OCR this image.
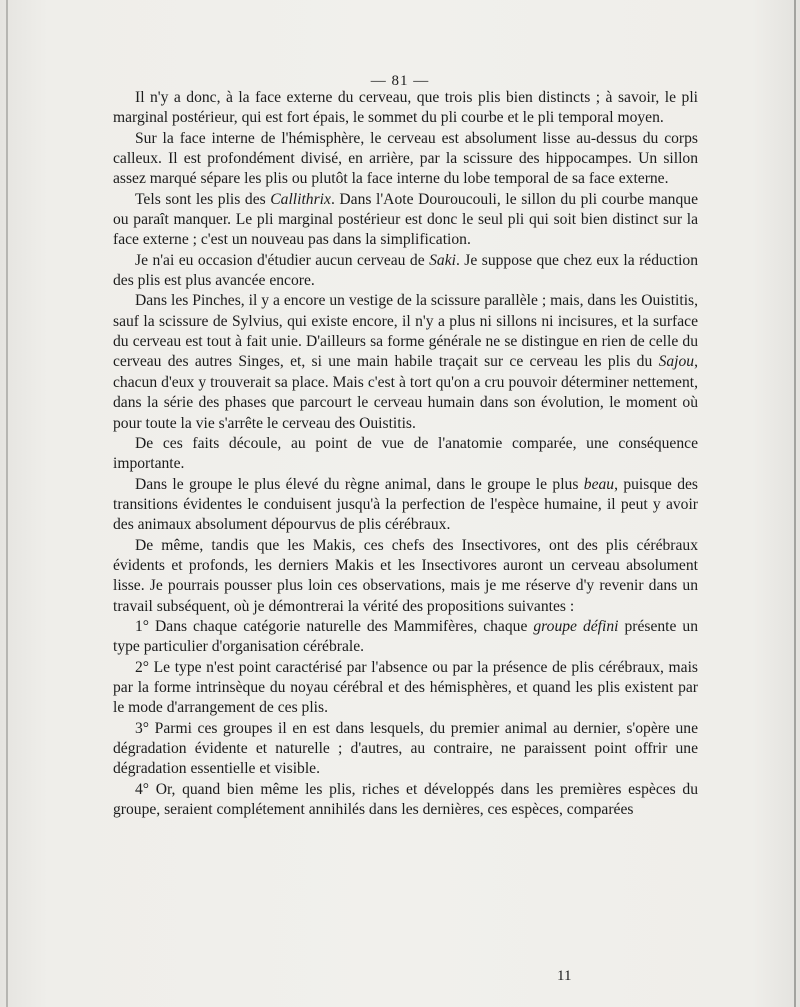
— 81 —

Il n'y a donc, à la face externe du cerveau, que trois plis bien distincts ; à savoir, le pli marginal postérieur, qui est fort épais, le sommet du pli courbe et le pli temporal moyen.

Sur la face interne de l'hémisphère, le cerveau est absolument lisse au-dessus du corps calleux. Il est profondément divisé, en arrière, par la scissure des hippocampes. Un sillon assez marqué sépare les plis ou plutôt la face interne du lobe temporal de sa face externe.

Tels sont les plis des Callithrix. Dans l'Aote Douroucouli, le sillon du pli courbe manque ou paraît manquer. Le pli marginal postérieur est donc le seul pli qui soit bien distinct sur la face externe ; c'est un nouveau pas dans la simplification.

Je n'ai eu occasion d'étudier aucun cerveau de Saki. Je suppose que chez eux la réduction des plis est plus avancée encore.

Dans les Pinches, il y a encore un vestige de la scissure parallèle ; mais, dans les Ouistitis, sauf la scissure de Sylvius, qui existe encore, il n'y a plus ni sillons ni incisures, et la surface du cerveau est tout à fait unie. D'ailleurs sa forme générale ne se distingue en rien de celle du cerveau des autres Singes, et, si une main habile traçait sur ce cerveau les plis du Sajou, chacun d'eux y trouverait sa place. Mais c'est à tort qu'on a cru pouvoir déterminer nettement, dans la série des phases que parcourt le cerveau humain dans son évolution, le moment où pour toute la vie s'arrête le cerveau des Ouistitis.

De ces faits découle, au point de vue de l'anatomie comparée, une conséquence importante.

Dans le groupe le plus élevé du règne animal, dans le groupe le plus beau, puisque des transitions évidentes le conduisent jusqu'à la perfection de l'espèce humaine, il peut y avoir des animaux absolument dépourvus de plis cérébraux.

De même, tandis que les Makis, ces chefs des Insectivores, ont des plis cérébraux évidents et profonds, les derniers Makis et les Insectivores auront un cerveau absolument lisse. Je pourrais pousser plus loin ces observations, mais je me réserve d'y revenir dans un travail subséquent, où je démontrerai la vérité des propositions suivantes :

1° Dans chaque catégorie naturelle des Mammifères, chaque groupe défini présente un type particulier d'organisation cérébrale.

2° Le type n'est point caractérisé par l'absence ou par la présence de plis cérébraux, mais par la forme intrinsèque du noyau cérébral et des hémisphères, et quand les plis existent par le mode d'arrangement de ces plis.

3° Parmi ces groupes il en est dans lesquels, du premier animal au dernier, s'opère une dégradation évidente et naturelle ; d'autres, au contraire, ne paraissent point offrir une dégradation essentielle et visible.

4° Or, quand bien même les plis, riches et développés dans les premières espèces du groupe, seraient complétement annihilés dans les dernières, ces espèces, comparées

11
